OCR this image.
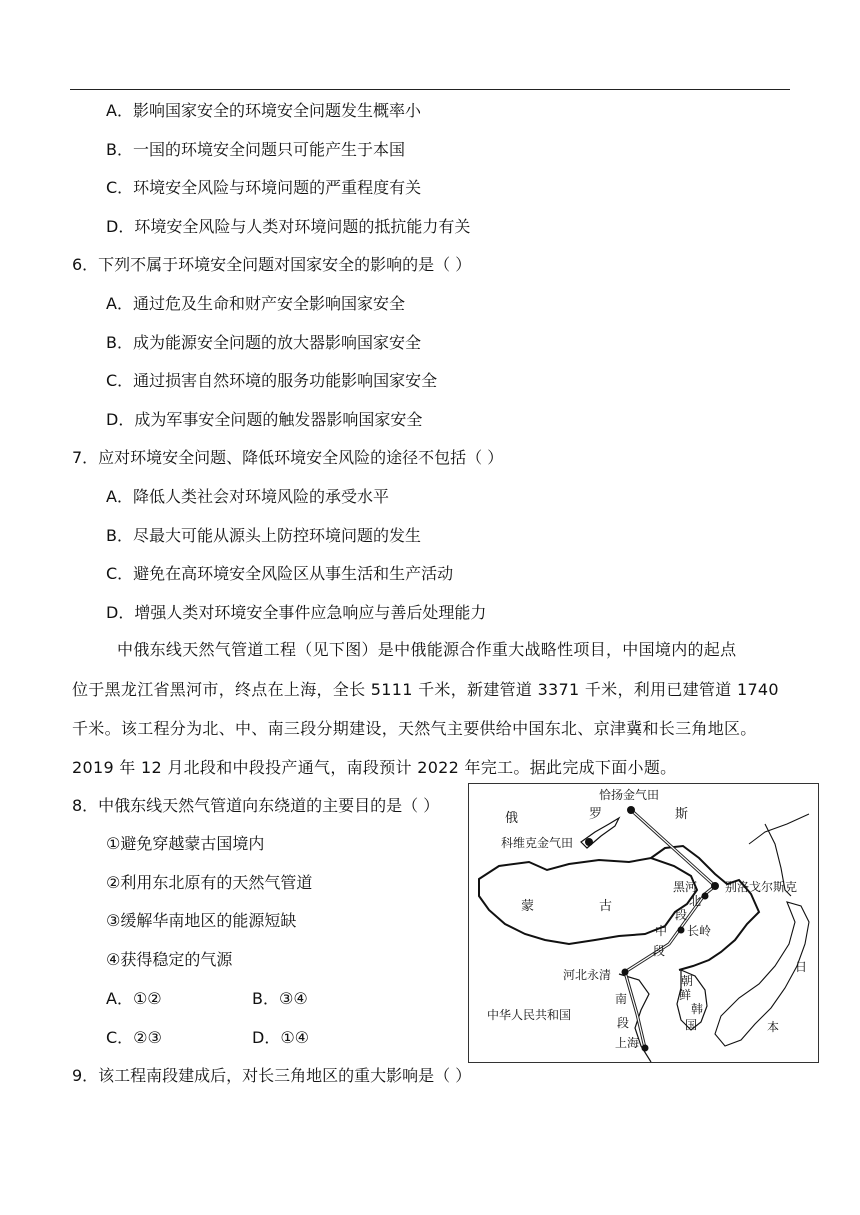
A．影响国家安全的环境安全问题发生概率小
B．一国的环境安全问题只可能产生于本国
C．环境安全风险与环境问题的严重程度有关
D．环境安全风险与人类对环境问题的抵抗能力有关
6．下列不属于环境安全问题对国家安全的影响的是（ ）
A．通过危及生命和财产安全影响国家安全
B．成为能源安全问题的放大器影响国家安全
C．通过损害自然环境的服务功能影响国家安全
D．成为军事安全问题的触发器影响国家安全
7．应对环境安全问题、降低环境安全风险的途径不包括（ ）
A．降低人类社会对环境风险的承受水平
B．尽最大可能从源头上防控环境问题的发生
C．避免在高环境安全风险区从事生活和生产活动
D．增强人类对环境安全事件应急响应与善后处理能力
中俄东线天然气管道工程（见下图）是中俄能源合作重大战略性项目，中国境内的起点
位于黑龙江省黑河市，终点在上海，全长 5111 千米，新建管道 3371 千米，利用已建管道 1740
千米。该工程分为北、中、南三段分期建设，天然气主要供给中国东北、京津冀和长三角地区。
2019 年 12 月北段和中段投产通气，南段预计 2022 年完工。据此完成下面小题。
8．中俄东线天然气管道向东绕道的主要目的是（ ）
①避免穿越蒙古国境内
②利用东北原有的天然气管道
③缓解华南地区的能源短缺
④获得稳定的气源
A．①②	B．③④
C．②③	D．①④
9．该工程南段建成后，对长三角地区的重大影响是（ ）
俄	罗	斯
恰扬金气田
科维克金气田
蒙	古
黑河
北
段
别洛戈尔斯克
中
段
长岭
河北永清
南
段
中华人民共和国
朝
鲜
韩
国
上海
日
本
